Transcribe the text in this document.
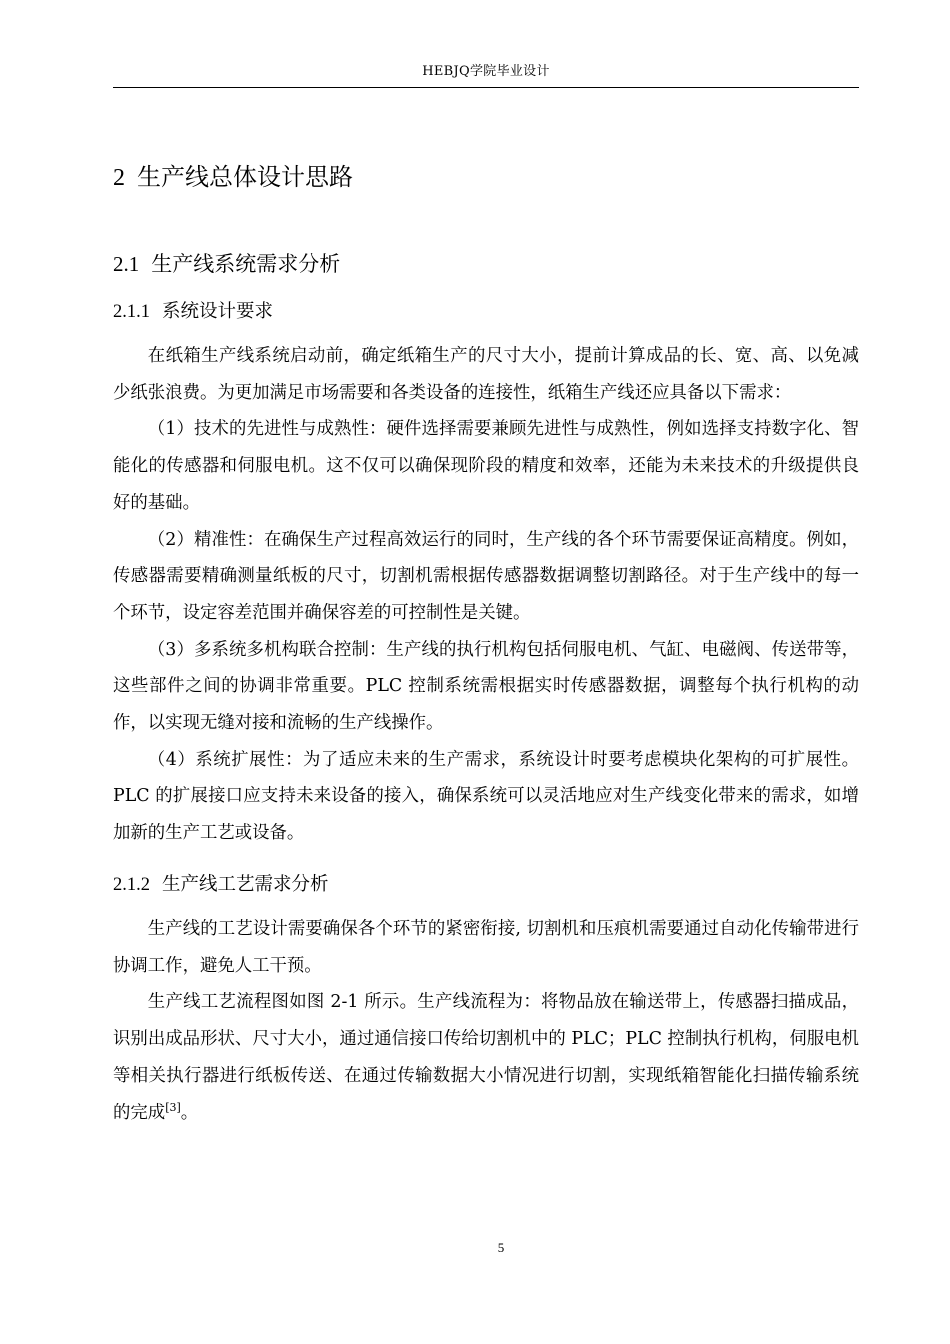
HEBJQ学院毕业设计
2 生产线总体设计思路
2.1 生产线系统需求分析
2.1.1 系统设计要求

在纸箱生产线系统启动前，确定纸箱生产的尺寸大小，提前计算成品的长、宽、高、以免减少纸张浪费。为更加满足市场需要和各类设备的连接性，纸箱生产线还应具备以下需求：

（1）技术的先进性与成熟性：硬件选择需要兼顾先进性与成熟性，例如选择支持数字化、智能化的传感器和伺服电机。这不仅可以确保现阶段的精度和效率，还能为未来技术的升级提供良好的基础。

（2）精准性：在确保生产过程高效运行的同时，生产线的各个环节需要保证高精度。例如，传感器需要精确测量纸板的尺寸，切割机需根据传感器数据调整切割路径。对于生产线中的每一个环节，设定容差范围并确保容差的可控制性是关键。

（3）多系统多机构联合控制：生产线的执行机构包括伺服电机、气缸、电磁阀、传送带等，这些部件之间的协调非常重要。PLC 控制系统需根据实时传感器数据，调整每个执行机构的动作，以实现无缝对接和流畅的生产线操作。

（4）系统扩展性：为了适应未来的生产需求，系统设计时要考虑模块化架构的可扩展性。PLC 的扩展接口应支持未来设备的接入，确保系统可以灵活地应对生产线变化带来的需求，如增加新的生产工艺或设备。

2.1.2 生产线工艺需求分析

生产线的工艺设计需要确保各个环节的紧密衔接, 切割机和压痕机需要通过自动化传输带进行协调工作，避免人工干预。

生产线工艺流程图如图 2-1 所示。生产线流程为：将物品放在输送带上，传感器扫描成品，识别出成品形状、尺寸大小，通过通信接口传给切割机中的 PLC；PLC 控制执行机构，伺服电机等相关执行器进行纸板传送、在通过传输数据大小情况进行切割，实现纸箱智能化扫描传输系统的完成[3]。

5
